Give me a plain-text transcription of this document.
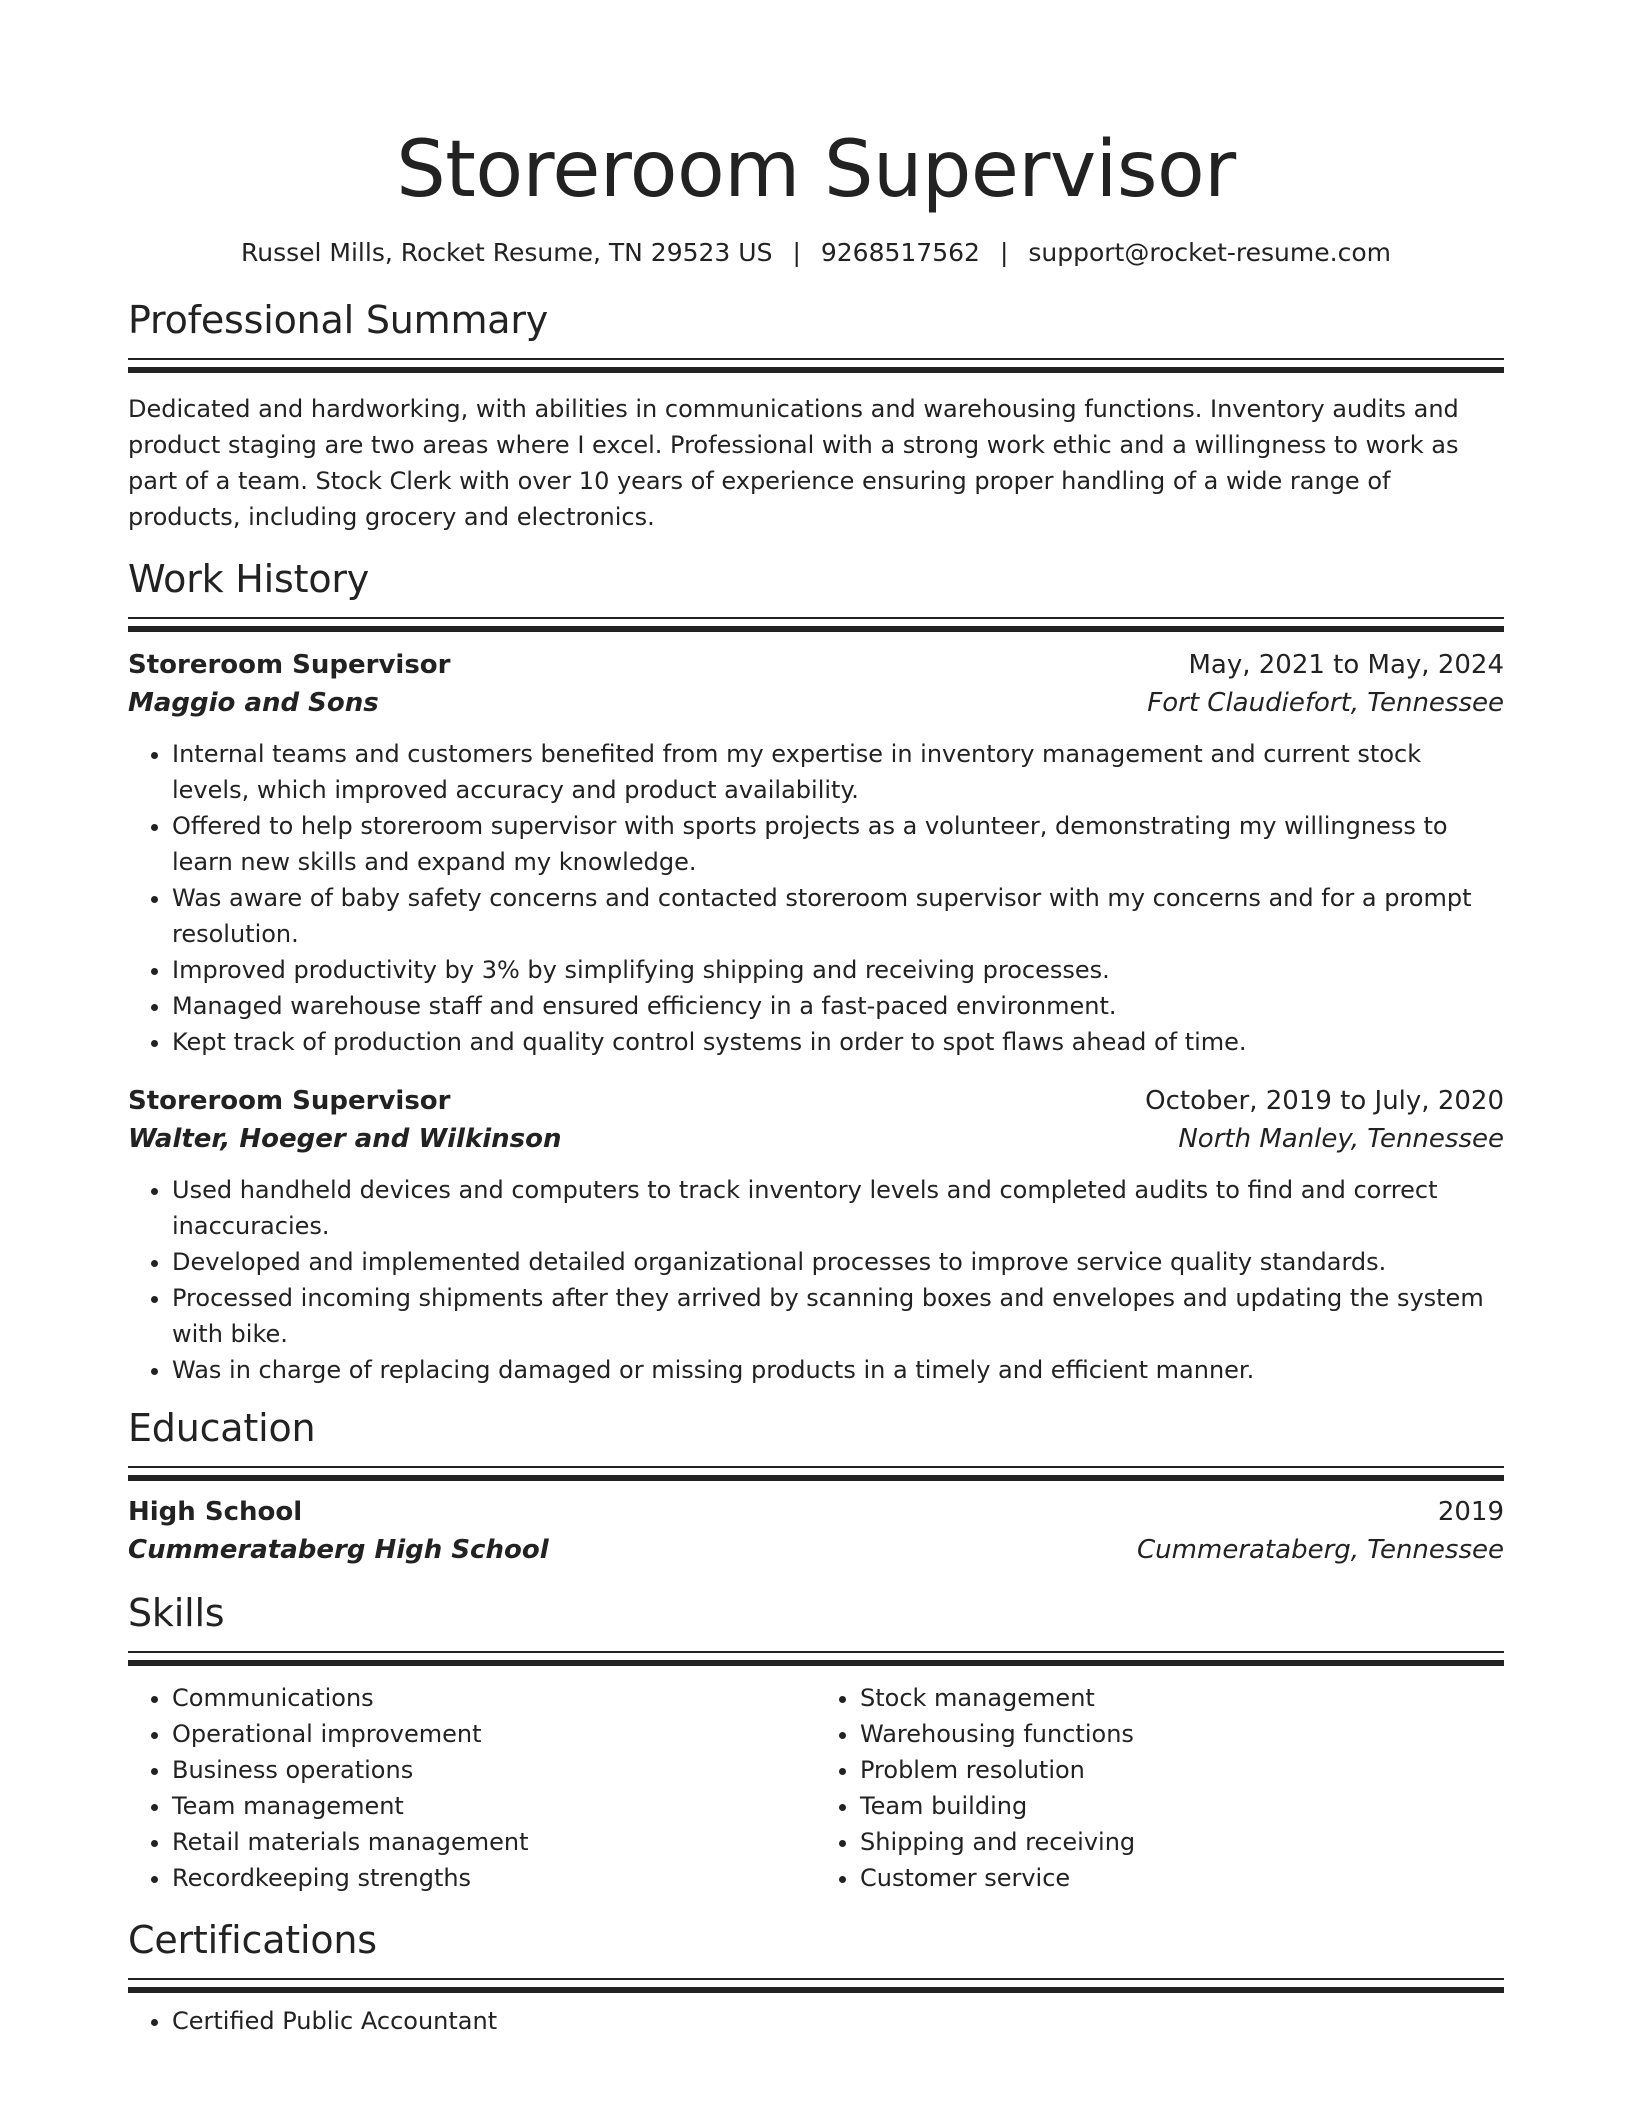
Storeroom Supervisor
Russel Mills, Rocket Resume, TN 29523 US | 9268517562 | support@rocket-resume.com
Professional Summary

Dedicated and hardworking, with abilities in communications and warehousing functions. Inventory audits and product staging are two areas where I excel. Professional with a strong work ethic and a willingness to work as part of a team. Stock Clerk with over 10 years of experience ensuring proper handling of a wide range of products, including grocery and electronics.

Work History
Storeroom Supervisor	May, 2021 to May, 2024
Maggio and Sons	Fort Claudiefort, Tennessee
• Internal teams and customers benefited from my expertise in inventory management and current stock levels, which improved accuracy and product availability.
• Offered to help storeroom supervisor with sports projects as a volunteer, demonstrating my willingness to learn new skills and expand my knowledge.
• Was aware of baby safety concerns and contacted storeroom supervisor with my concerns and for a prompt resolution.
• Improved productivity by 3% by simplifying shipping and receiving processes.
• Managed warehouse staff and ensured efficiency in a fast-paced environment.
• Kept track of production and quality control systems in order to spot flaws ahead of time.
Storeroom Supervisor	October, 2019 to July, 2020
Walter, Hoeger and Wilkinson	North Manley, Tennessee
• Used handheld devices and computers to track inventory levels and completed audits to find and correct inaccuracies.
• Developed and implemented detailed organizational processes to improve service quality standards.
• Processed incoming shipments after they arrived by scanning boxes and envelopes and updating the system with bike.
• Was in charge of replacing damaged or missing products in a timely and efficient manner.
Education
High School	2019
Cummerataberg High School	Cummerataberg, Tennessee
Skills
• Communications
• Operational improvement
• Business operations
• Team management
• Retail materials management
• Recordkeeping strengths
• Stock management
• Warehousing functions
• Problem resolution
• Team building
• Shipping and receiving
• Customer service
Certifications
• Certified Public Accountant
